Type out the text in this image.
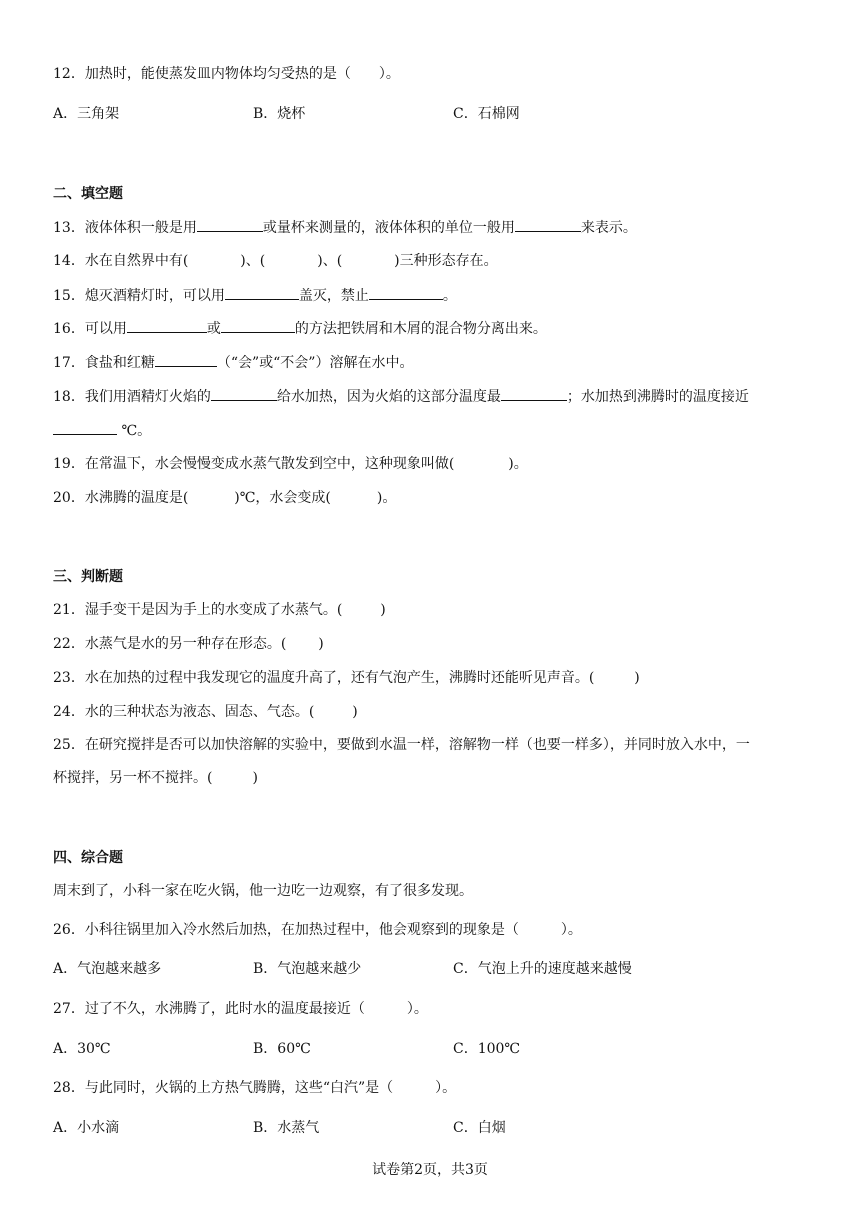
12．加热时，能使蒸发皿内物体均匀受热的是（　　）。
A．三角架	B．烧杯	C．石棉网
二、填空题
13．液体体积一般是用	或量杯来测量的，液体体积的单位一般用	来表示。
14．水在自然界中有(	)、(	)、(	)三种形态存在。
15．熄灭酒精灯时，可以用	盖灭，禁止	。
16．可以用	或	的方法把铁屑和木屑的混合物分离出来。
17．食盐和红糖	（“会”或“不会”）溶解在水中。
18．我们用酒精灯火焰的	给水加热，因为火焰的这部分温度最	；水加热到沸腾时的温度接近
℃。
19．在常温下，水会慢慢变成水蒸气散发到空中，这种现象叫做(	)。
20．水沸腾的温度是(	)℃，水会变成(	)。
三、判断题
21．湿手变干是因为手上的水变成了水蒸气。(	)
22．水蒸气是水的另一种存在形态。( )
23．水在加热的过程中我发现它的温度升高了，还有气泡产生，沸腾时还能听见声音。(	)
24．水的三种状态为液态、固态、气态。(	)
25．在研究搅拌是否可以加快溶解的实验中，要做到水温一样，溶解物一样（也要一样多），并同时放入水中，一
杯搅拌，另一杯不搅拌。(	)
四、综合题
周末到了，小科一家在吃火锅，他一边吃一边观察，有了很多发现。
26．小科往锅里加入冷水然后加热，在加热过程中，他会观察到的现象是（　　　）。
A．气泡越来越多	B．气泡越来越少	C．气泡上升的速度越来越慢
27．过了不久，水沸腾了，此时水的温度最接近（　　　）。
A．30℃	B．60℃	C．100℃
28．与此同时，火锅的上方热气腾腾，这些“白汽”是（　　　）。
A．小水滴	B．水蒸气	C．白烟
试卷第2页，共3页
